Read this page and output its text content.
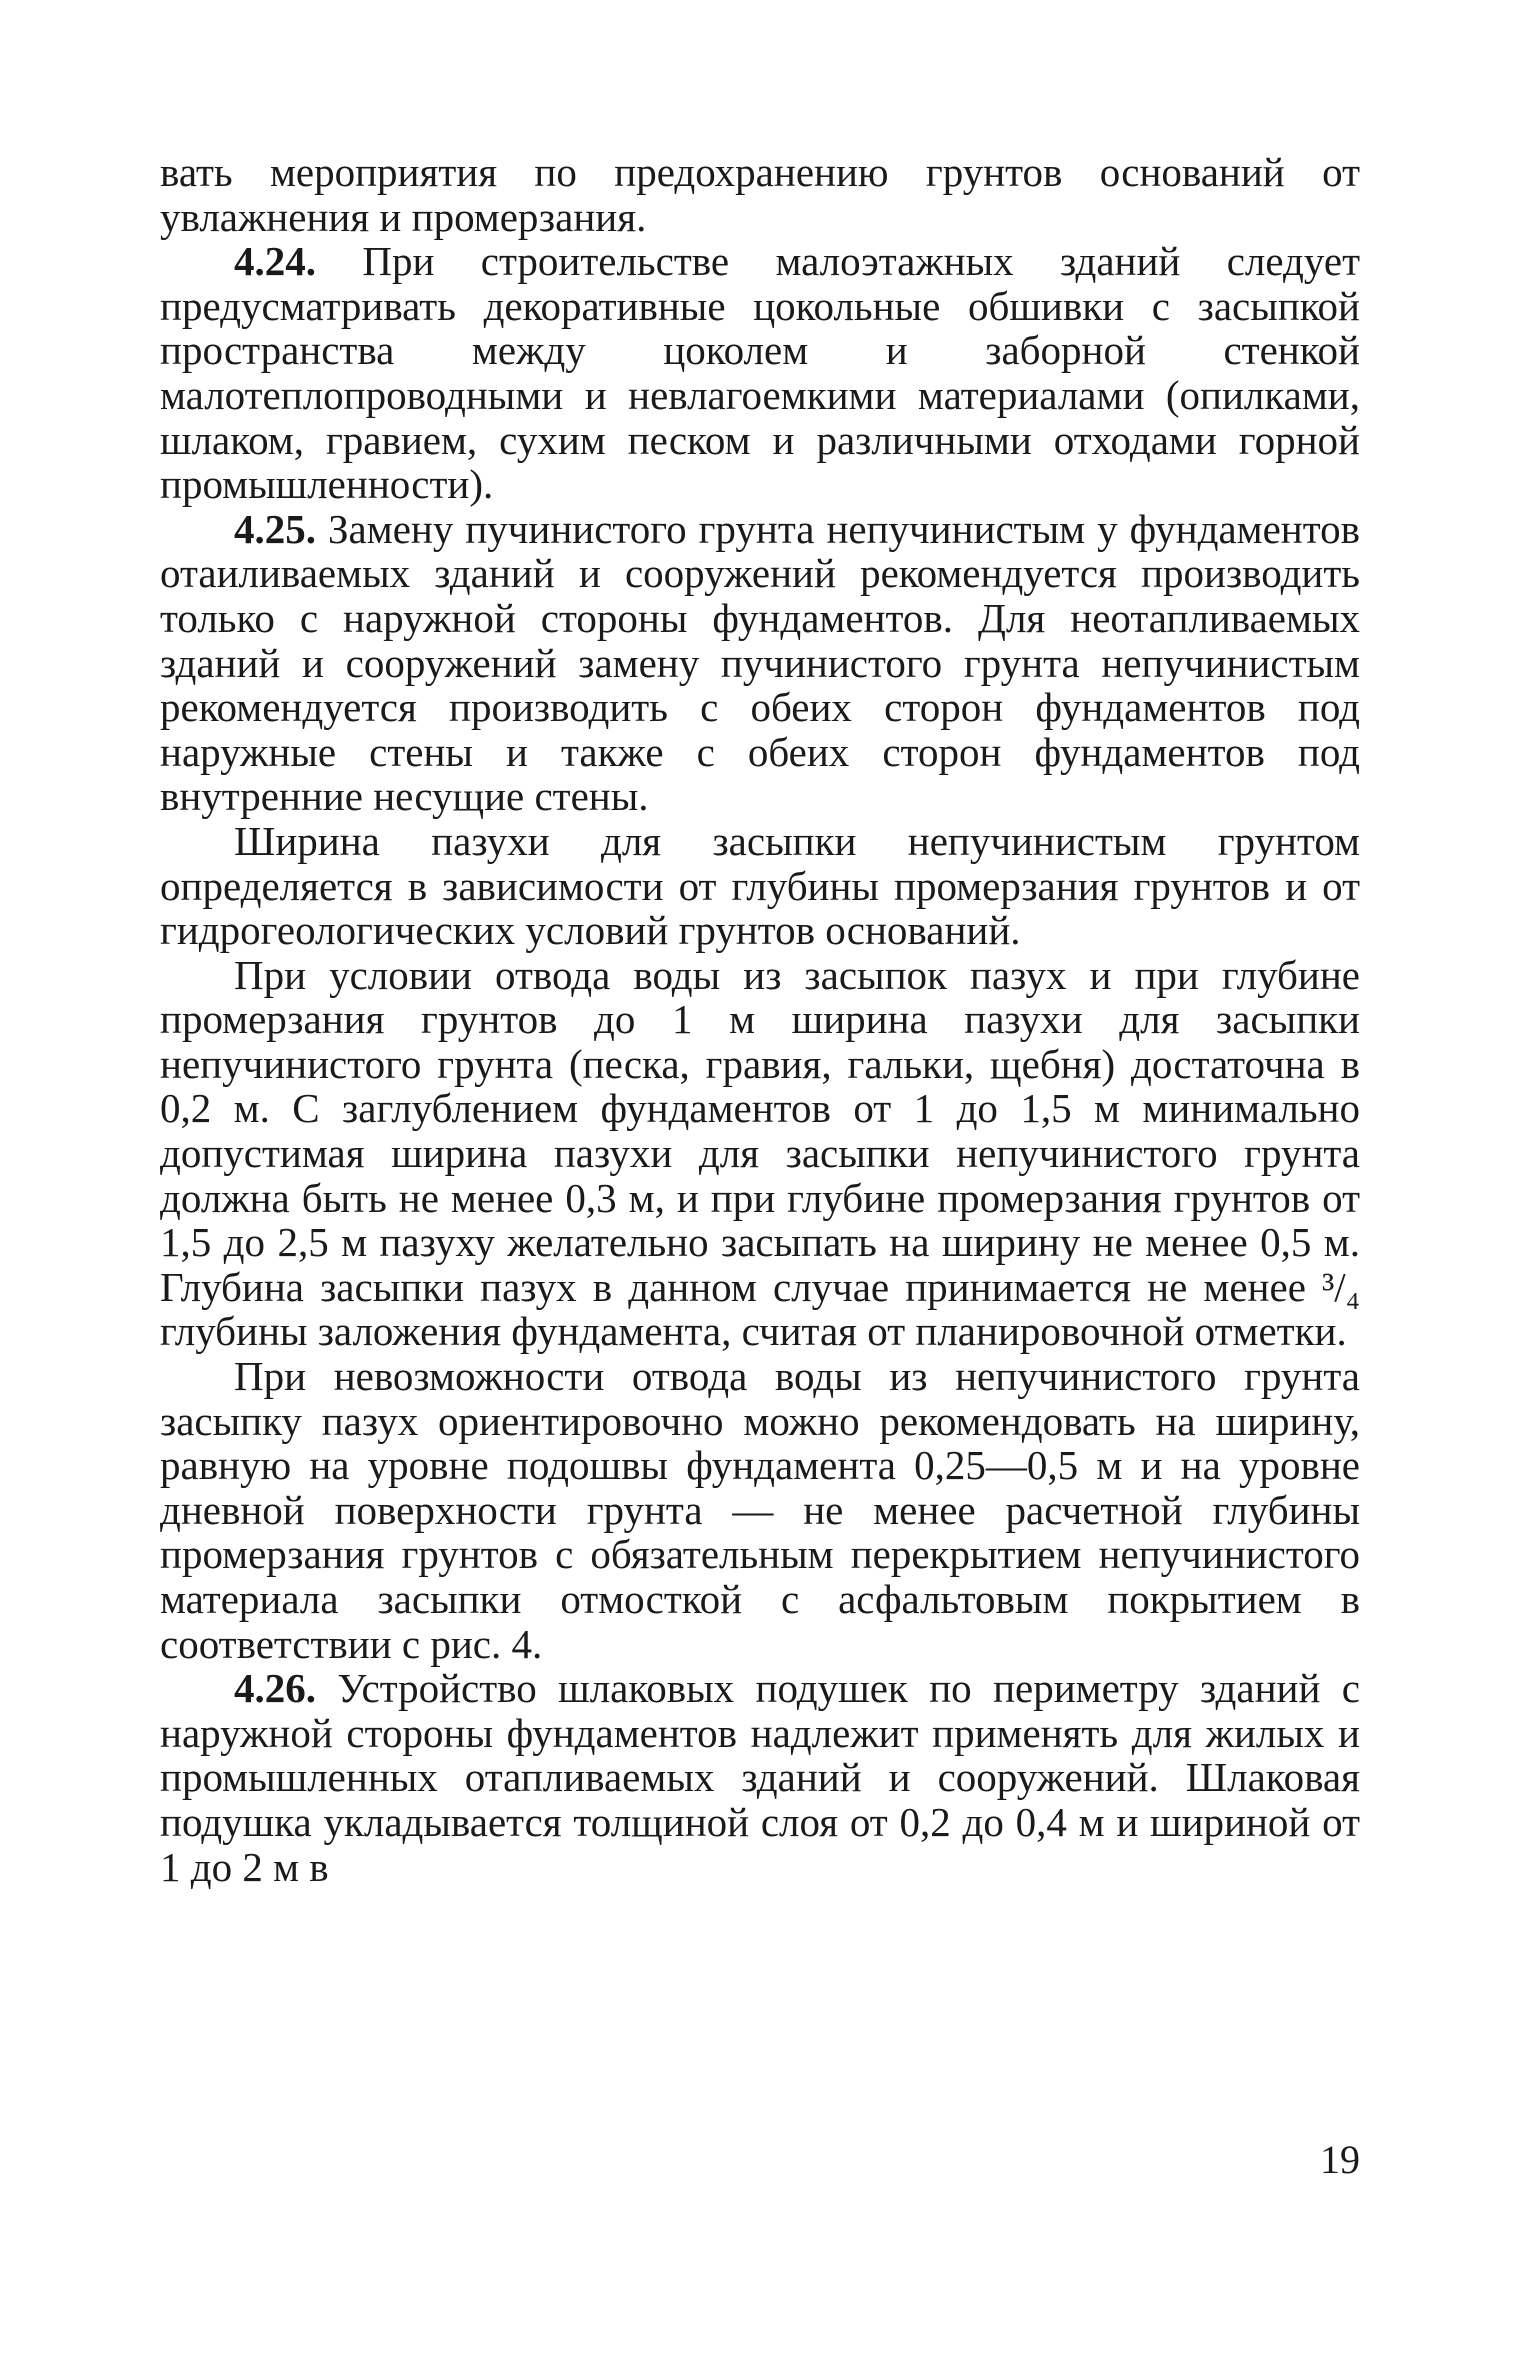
вать мероприятия по предохранению грунтов оснований от увлажнения и промерзания.

4.24. При строительстве малоэтажных зданий следует предусматривать декоративные цокольные обшивки с засыпкой пространства между цоколем и заборной стенкой малотеплопроводными и невлагоемкими материалами (опилками, шлаком, гравием, сухим песком и различными отходами горной промышленности).

4.25. Замену пучинистого грунта непучинистым у фундаментов отаиливаемых зданий и сооружений рекомендуется производить только с наружной стороны фундаментов. Для неотапливаемых зданий и сооружений замену пучинистого грунта непучинистым рекомендуется производить с обеих сторон фундаментов под наружные стены и также с обеих сторон фундаментов под внутренние несущие стены.

Ширина пазухи для засыпки непучинистым грунтом определяется в зависимости от глубины промерзания грунтов и от гидрогеологических условий грунтов оснований.

При условии отвода воды из засыпок пазух и при глубине промерзания грунтов до 1 м ширина пазухи для засыпки непучинистого грунта (песка, гравия, гальки, щебня) достаточна в 0,2 м. С заглублением фундаментов от 1 до 1,5 м минимально допустимая ширина пазухи для засыпки непучинистого грунта должна быть не менее 0,3 м, и при глубине промерзания грунтов от 1,5 до 2,5 м пазуху желательно засыпать на ширину не менее 0,5 м. Глубина засыпки пазух в данном случае принимается не менее ³/₄ глубины заложения фундамента, считая от планировочной отметки.

При невозможности отвода воды из непучинистого грунта засыпку пазух ориентировочно можно рекомендовать на ширину, равную на уровне подошвы фундамента 0,25—0,5 м и на уровне дневной поверхности грунта — не менее расчетной глубины промерзания грунтов с обязательным перекрытием непучинистого материала засыпки отмосткой с асфальтовым покрытием в соответствии с рис. 4.

4.26. Устройство шлаковых подушек по периметру зданий с наружной стороны фундаментов надлежит применять для жилых и промышленных отапливаемых зданий и сооружений. Шлаковая подушка укладывается толщиной слоя от 0,2 до 0,4 м и шириной от 1 до 2 м в

19
